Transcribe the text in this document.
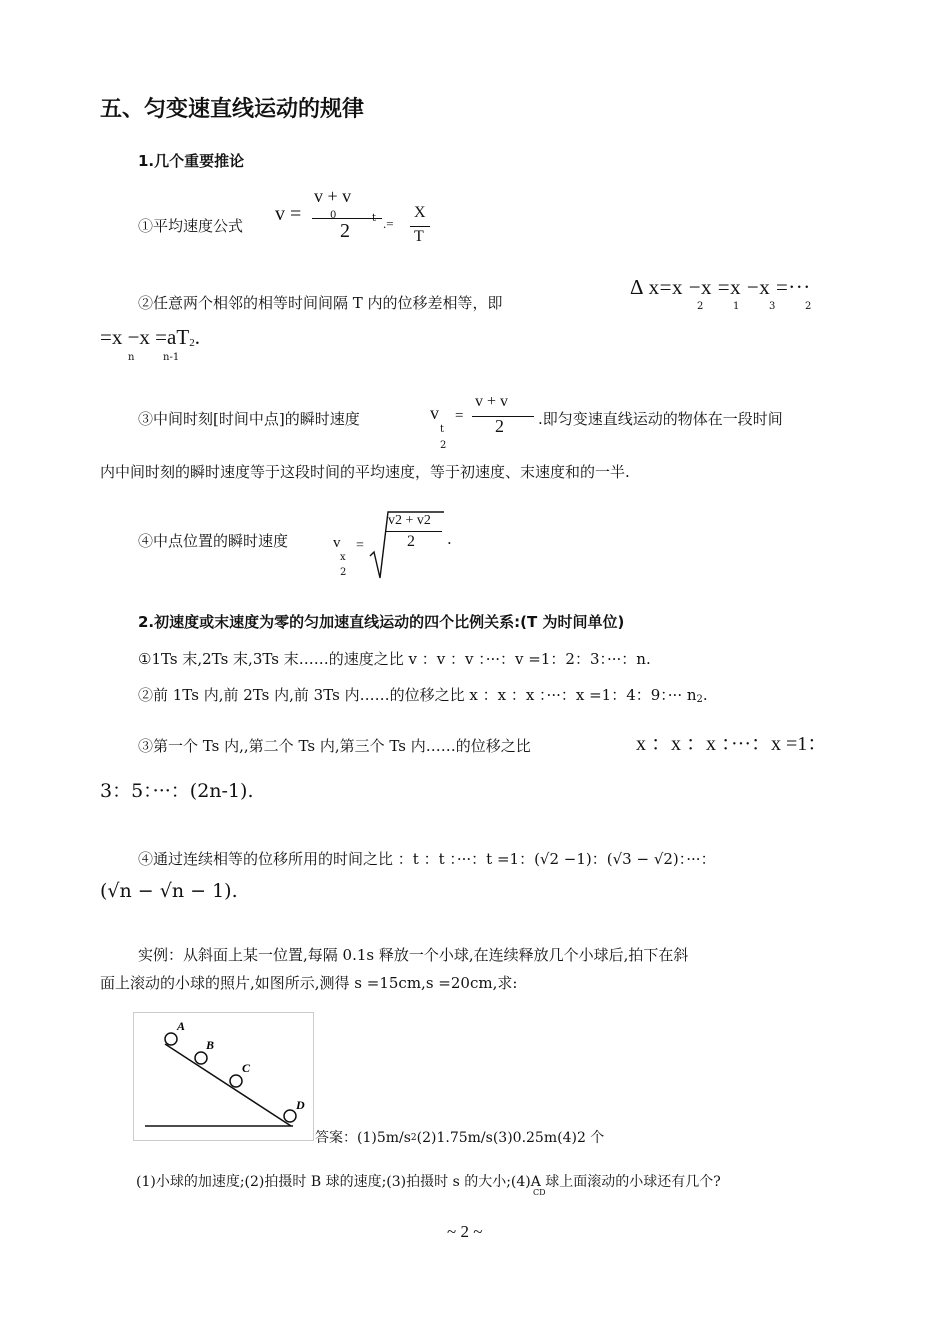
五、匀变速直线运动的规律
1.几个重要推论
①平均速度公式
v =
v + v
0	t
2	.=
X
T
②任意两个相邻的相等时间间隔 T 内的位移差相等，即
Δ x=x −x =x −x =···
2	1	3	2
=x −x =aT2.
n	n-1
③中间时刻[时间中点]的瞬时速度	v
t
2
=
v + v
2 .即匀变速直线运动的物体在一段时间
内中间时刻的瞬时速度等于这段时间的平均速度，等于初速度、末速度和的一半.
④中点位置的瞬时速度	v
x
2
=
v2 + v2
2 .
2.初速度或末速度为零的匀加速直线运动的四个比例关系:(T 为时间单位)
①1Ts 末,2Ts 末,3Ts 末……的速度之比 v ：v ：v ：···：v =1：2：3：···：n.
②前 1Ts 内,前 2Ts 内,前 3Ts 内……的位移之比 x ：x ：x ：···：x =1：4：9：··· n2.
③第一个 Ts 内,,第二个 Ts 内,第三个 Ts 内……的位移之比	x ：x ：x ：···：x =1：
3：5：···：(2n-1).
④通过连续相等的位移所用的时间之比 ：t ：t ：···：t =1：(√2 −1)：(√3 − √2)：···：
(√n − √n − 1).
实例：从斜面上某一位置,每隔 0.1s 释放一个小球,在连续释放几个小球后,拍下在斜
面上滚动的小球的照片,如图所示,测得 s =15cm,s =20cm,求:
A
B
C
D
答案：(1)5m/s2(2)1.75m/s(3)0.25m(4)2 个
(1)小球的加速度;(2)拍摄时 B 球的速度;(3)拍摄时 s 的大小;(4)A 球上面滚动的小球还有几个?
CD
~ 2 ~
